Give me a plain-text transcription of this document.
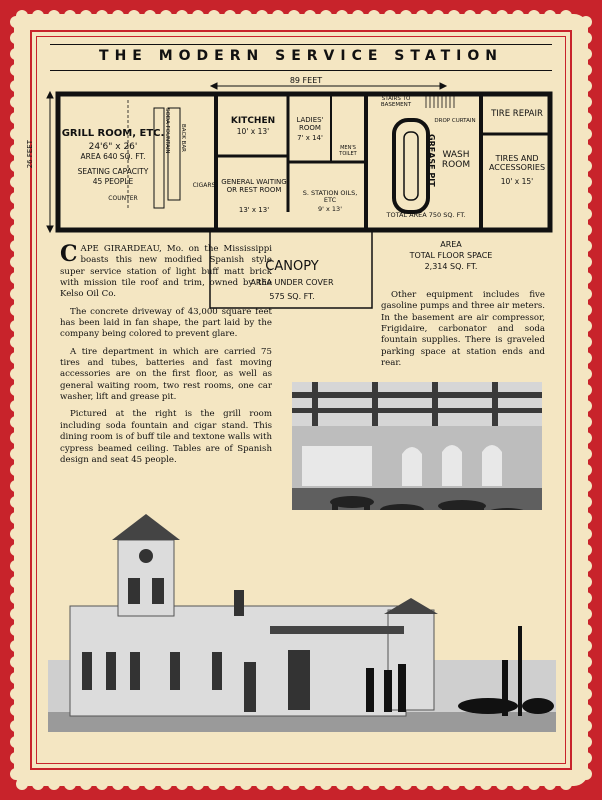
THE MODERN SERVICE STATION
GRILL ROOM, ETC.
24'6" x 26'
AREA 640 SQ. FT.
SEATING CAPACITY
45 PEOPLE
SODA FOUNTAIN	BACK BAR
CIGARS
COUNTER
26 FEET
89 FEET
KITCHEN
10' x 13'
LADIES' ROOM
7' x 14'
MEN'S TOILET
GENERAL WAITING OR REST ROOM
13' x 13'
S. STATION OILS, ETC
9' x 13'
STAIRS TO BASEMENT
DROP CURTAIN
GREASE PIT WASH ROOM
TOTAL AREA 750 SQ. FT.
TIRE REPAIR
TIRES AND ACCESSORIES
10' x 15'
CANOPY
AREA UNDER COVER
575 SQ. FT.
AREA
TOTAL FLOOR SPACE
2,314 SQ. FT.

CAPE GIRARDEAU, Mo. on the Mississippi boasts this new modified Spanish style super service station of light buff matt brick with mission tile roof and trim, owned by the Kelso Oil Co.

The concrete driveway of 43,000 square feet has been laid in fan shape, the part laid by the company being colored to prevent glare.

A tire department in which are carried 75 tires and tubes, batteries and fast moving accessories are on the first floor, as well as general waiting room, two rest rooms, one car washer, lift and grease pit.

Pictured at the right is the grill room including soda fountain and cigar stand. This dining room is of buff tile and textone walls with cypress beamed ceiling. Tables are of Spanish design and seat 45 people.

Other equipment includes five gasoline pumps and three air meters. In the basement are air compressor, Frigidaire, carbonator and soda fountain supplies. There is graveled parking space at station ends and rear.
